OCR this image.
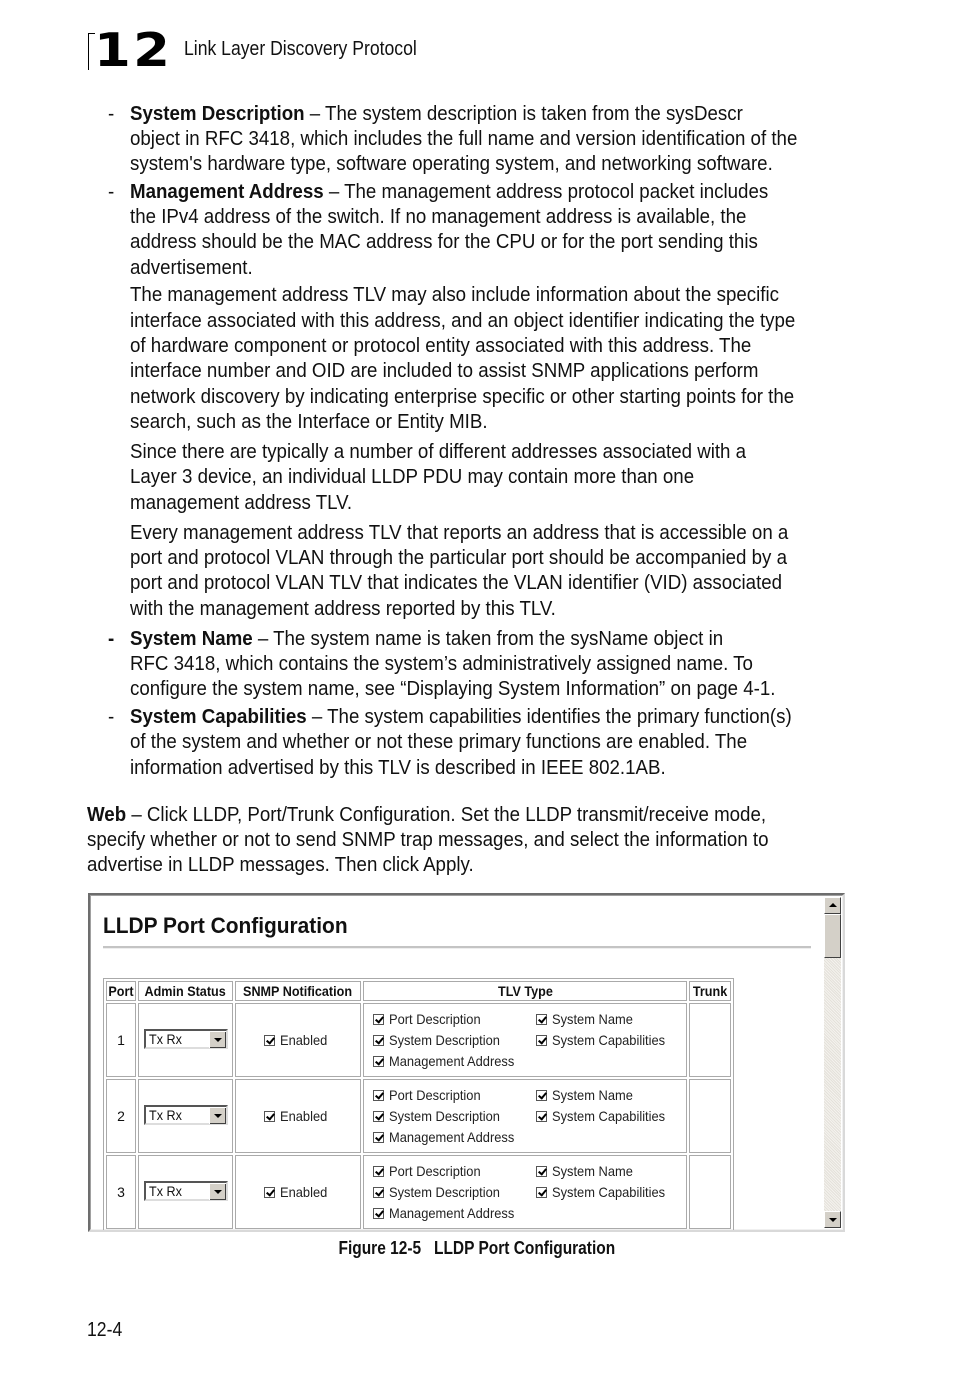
12 Link Layer Discovery Protocol
- System Description – The system description is taken from the sysDescr
object in RFC 3418, which includes the full name and version identification of the
system's hardware type, software operating system, and networking software.
- Management Address – The management address protocol packet includes
the IPv4 address of the switch. If no management address is available, the
address should be the MAC address for the CPU or for the port sending this
advertisement.
The management address TLV may also include information about the specific
interface associated with this address, and an object identifier indicating the type
of hardware component or protocol entity associated with this address. The
interface number and OID are included to assist SNMP applications perform
network discovery by indicating enterprise specific or other starting points for the
search, such as the Interface or Entity MIB.
Since there are typically a number of different addresses associated with a
Layer 3 device, an individual LLDP PDU may contain more than one
management address TLV.
Every management address TLV that reports an address that is accessible on a
port and protocol VLAN through the particular port should be accompanied by a
port and protocol VLAN TLV that indicates the VLAN identifier (VID) associated
with the management address reported by this TLV.
- System Name – The system name is taken from the sysName object in
RFC 3418, which contains the system’s administratively assigned name. To
configure the system name, see “Displaying System Information” on page 4-1.
- System Capabilities – The system capabilities identifies the primary function(s)
of the system and whether or not these primary functions are enabled. The
information advertised by this TLV is described in IEEE 802.1AB.
Web – Click LLDP, Port/Trunk Configuration. Set the LLDP transmit/receive mode,
specify whether or not to send SNMP trap messages, and select the information to
advertise in LLDP messages. Then click Apply.
LLDP Port Configuration
Port	Admin Status	SNMP Notification	TLV Type	Trunk
1	Tx Rx	Enabled	Port Description System Name
System Description System Capabilities
Management Address	

2	Tx Rx	Enabled	Port Description System Name
System Description System Capabilities
Management Address	

3	Tx Rx	Enabled	Port Description System Name
System Description System Capabilities
Management Address	

Figure 12-5   LLDP Port Configuration
12-4
